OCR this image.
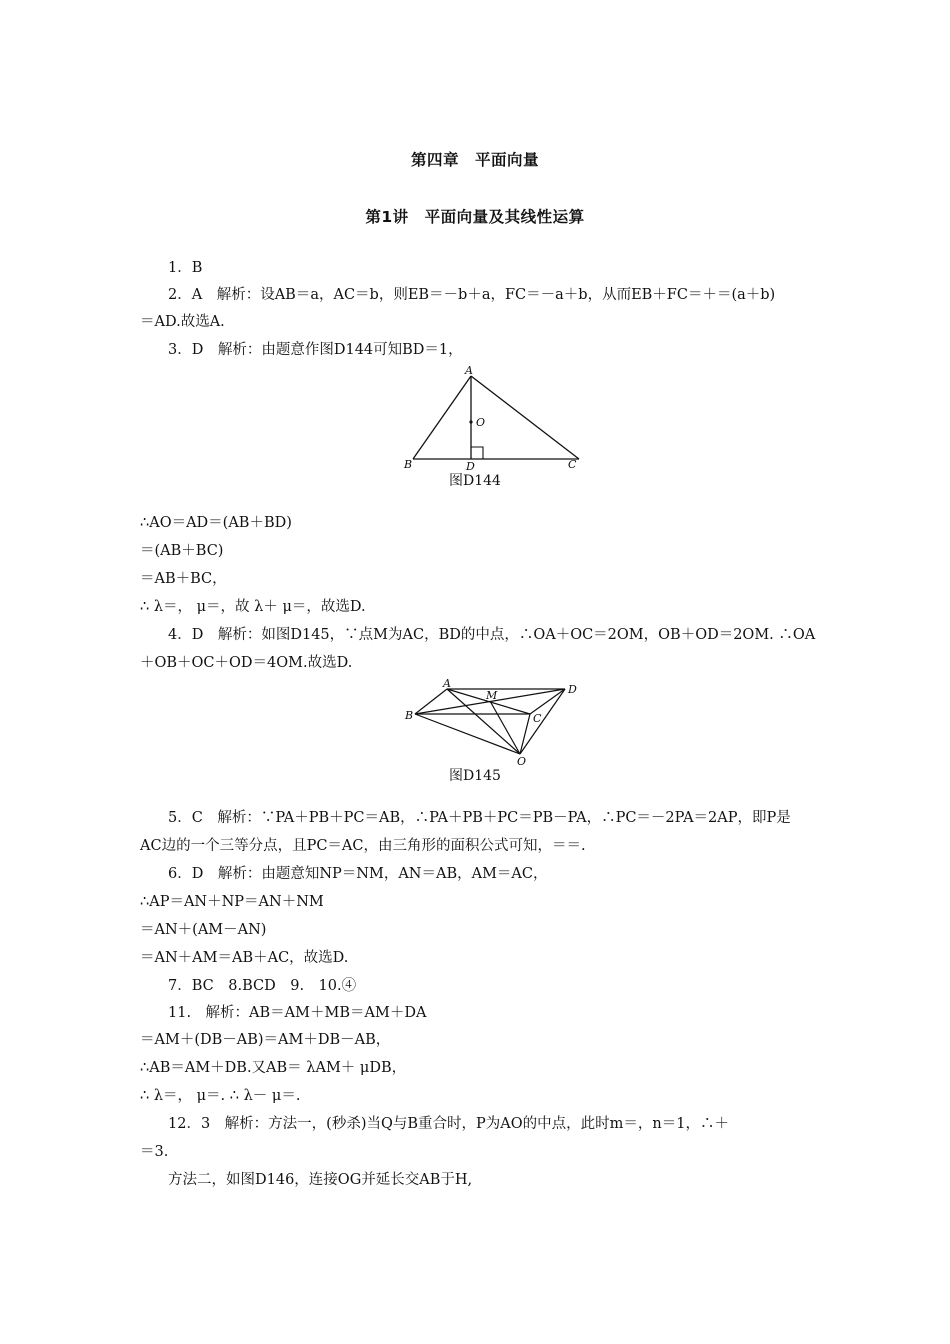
第四章　平面向量
第1讲　平面向量及其线性运算
1．B
2．A　解析：设AB＝a，AC＝b，则EB＝－b＋a，FC＝－a＋b，从而EB＋FC＝＋＝(a＋b)
＝AD.故选A.
3．D　解析：由题意作图D144可知BD＝1，
A
B	C
D
O
图D144
∴AO＝AD＝(AB＋BD)
＝(AB＋BC)
＝AB＋BC，
∴ λ＝， μ＝，故 λ＋ μ＝，故选D.
4．D　解析：如图D145，∵点M为AC，BD的中点，∴OA＋OC＝2OM，OB＋OD＝2OM. ∴OA
＋OB＋OC＋OD＝4OM.故选D.
A
B	C
D
M
O
图D145
5．C　解析：∵PA＋PB＋PC＝AB，∴PA＋PB＋PC＝PB－PA，∴PC＝－2PA＝2AP，即P是
AC边的一个三等分点，且PC＝AC，由三角形的面积公式可知，＝＝.
6．D　解析：由题意知NP＝NM，AN＝AB，AM＝AC，
∴AP＝AN＋NP＝AN＋NM
＝AN＋(AM－AN)
＝AN＋AM＝AB＋AC，故选D.
7．BC　8.BCD　9.　10.④
11.　解析：AB＝AM＋MB＝AM＋DA
＝AM＋(DB－AB)＝AM＋DB－AB，
∴AB＝AM＋DB.又AB＝ λAM＋ μDB，
∴ λ＝， μ＝. ∴ λ－ μ＝.
12．3　解析：方法一，(秒杀)当Q与B重合时，P为AO的中点，此时m＝，n＝1，∴＋
＝3.
方法二，如图D146，连接OG并延长交AB于H,
